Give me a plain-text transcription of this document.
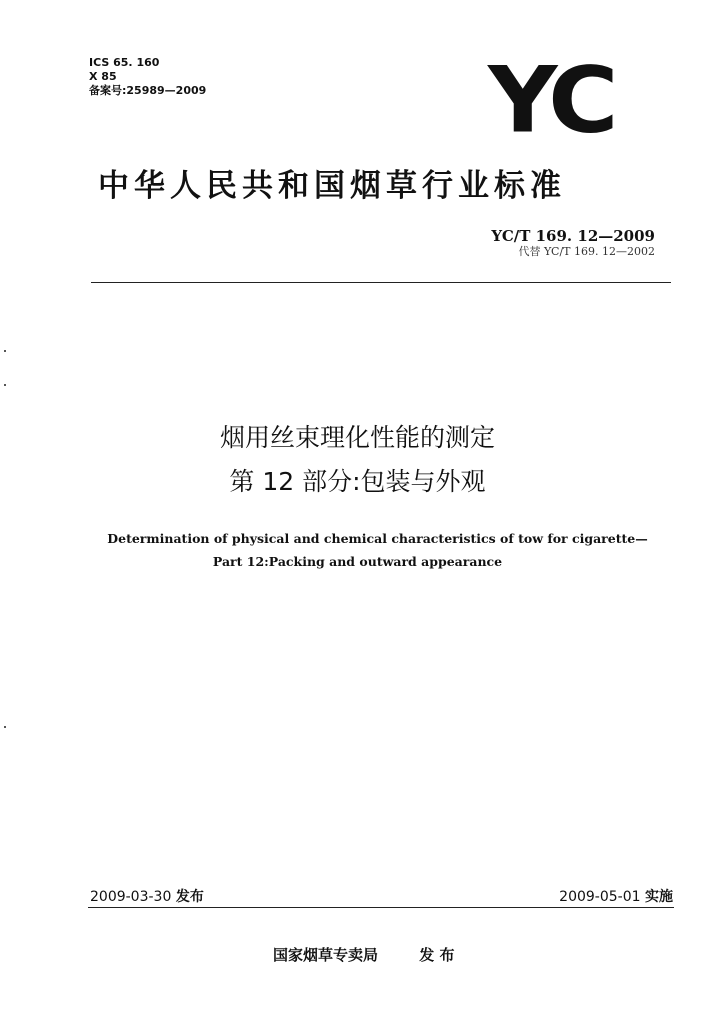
ICS 65. 160
X 85
备案号:25989—2009	YC
中华人民共和国烟草行业标准
YC/T 169. 12—2009
代替 YC/T 169. 12—2002
烟用丝束理化性能的测定
第 12 部分:包装与外观
Determination of physical and chemical characteristics of tow for cigarette—
Part 12:Packing and outward appearance
2009-03-30 发布	2009-05-01 实施
国家烟草专卖局	发 布
